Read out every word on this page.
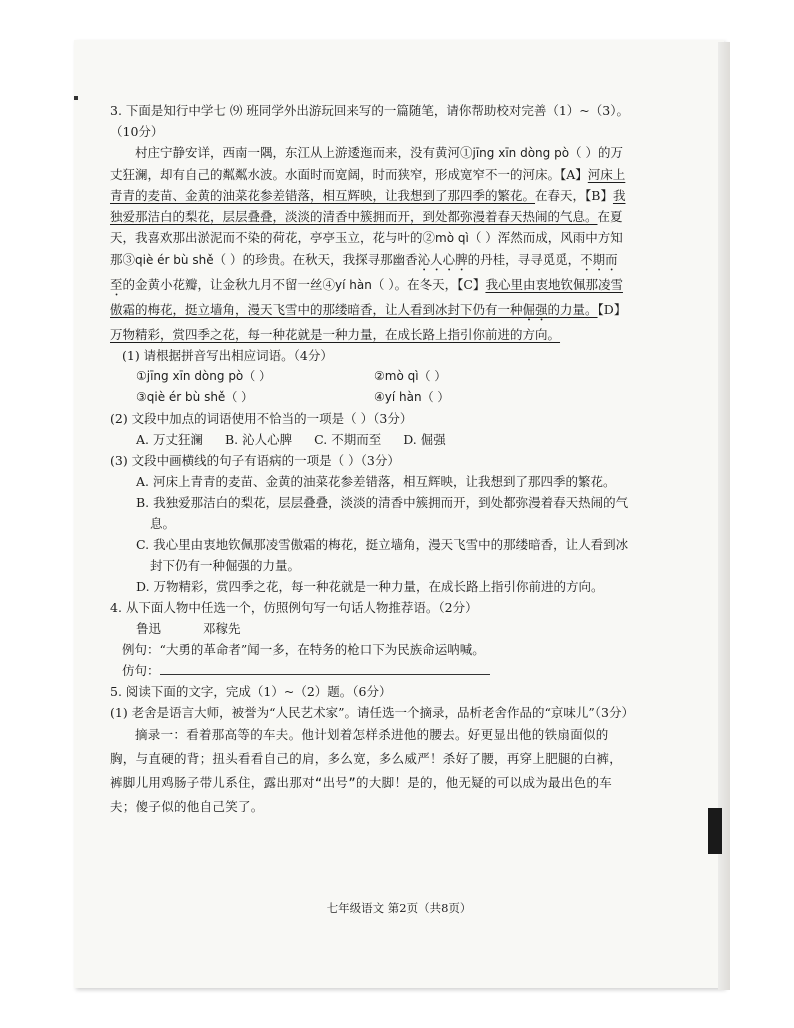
3. 下面是知行中学七 ⑼ 班同学外出游玩回来写的一篇随笔，请你帮助校对完善（1）~（3）。

（10分）

村庄宁静安详，西南一隅，东江从上游逶迤而来，没有黄河①jīng xīn dòng pò（ ）的万丈狂澜，却有自己的粼粼水波。水面时而宽阔，时而狭窄，形成宽窄不一的河床。【A】河床上青青的麦苗、金黄的油菜花参差错落，相互辉映，让我想到了那四季的繁花。在春天，【B】我独爱那洁白的梨花，层层叠叠，淡淡的清香中簇拥而开，到处都弥漫着春天热闹的气息。在夏天，我喜欢那出淤泥而不染的荷花，亭亭玉立，花与叶的②mò qì（ ）浑然而成，风雨中方知那③qiè ér bù shě（ ）的珍贵。在秋天，我探寻那幽香沁人心脾的丹桂，寻寻觅觅，不期而至的金黄小花瓣，让金秋九月不留一丝④yí hàn（ ）。在冬天，【C】我心里由衷地钦佩那凌雪傲霜的梅花，挺立墙角，漫天飞雪中的那缕暗香，让人看到冰封下仍有一种倔强的力量。【D】万物精彩，赏四季之花，每一种花就是一种力量，在成长路上指引你前进的方向。

(1) 请根据拼音写出相应词语。（4分）

①jīng xīn dòng pò（ ）	②mò qì（ ）
③qiè ér bù shě（ ）	④yí hàn（ ）

(2) 文段中加点的词语使用不恰当的一项是（ ）（3分）

A. 万丈狂澜 B. 沁人心脾 C. 不期而至 D. 倔强

(3) 文段中画横线的句子有语病的一项是（ ）（3分）

A. 河床上青青的麦苗、金黄的油菜花参差错落，相互辉映，让我想到了那四季的繁花。

B. 我独爱那洁白的梨花，层层叠叠，淡淡的清香中簇拥而开，到处都弥漫着春天热闹的气息。

C. 我心里由衷地钦佩那凌雪傲霜的梅花，挺立墙角，漫天飞雪中的那缕暗香，让人看到冰封下仍有一种倔强的力量。

D. 万物精彩，赏四季之花，每一种花就是一种力量，在成长路上指引你前进的方向。

4. 从下面人物中任选一个，仿照例句写一句话人物推荐语。（2分）

鲁迅	邓稼先

例句：“大勇的革命者”闻一多，在特务的枪口下为民族命运呐喊。

仿句：

5. 阅读下面的文字，完成（1）~（2）题。（6分）

(1) 老舍是语言大师，被誉为“人民艺术家”。请任选一个摘录，品析老舍作品的“京味儿”（3分）

摘录一：看着那高等的车夫。他计划着怎样杀进他的腰去。好更显出他的铁扇面似的胸，与直硬的背；扭头看看自己的肩，多么宽，多么威严！杀好了腰，再穿上肥腿的白裤，裤脚儿用鸡肠子带儿系住，露出那对“出号”的大脚！是的，他无疑的可以成为最出色的车夫；傻子似的他自己笑了。

七年级语文 第2页（共8页）
